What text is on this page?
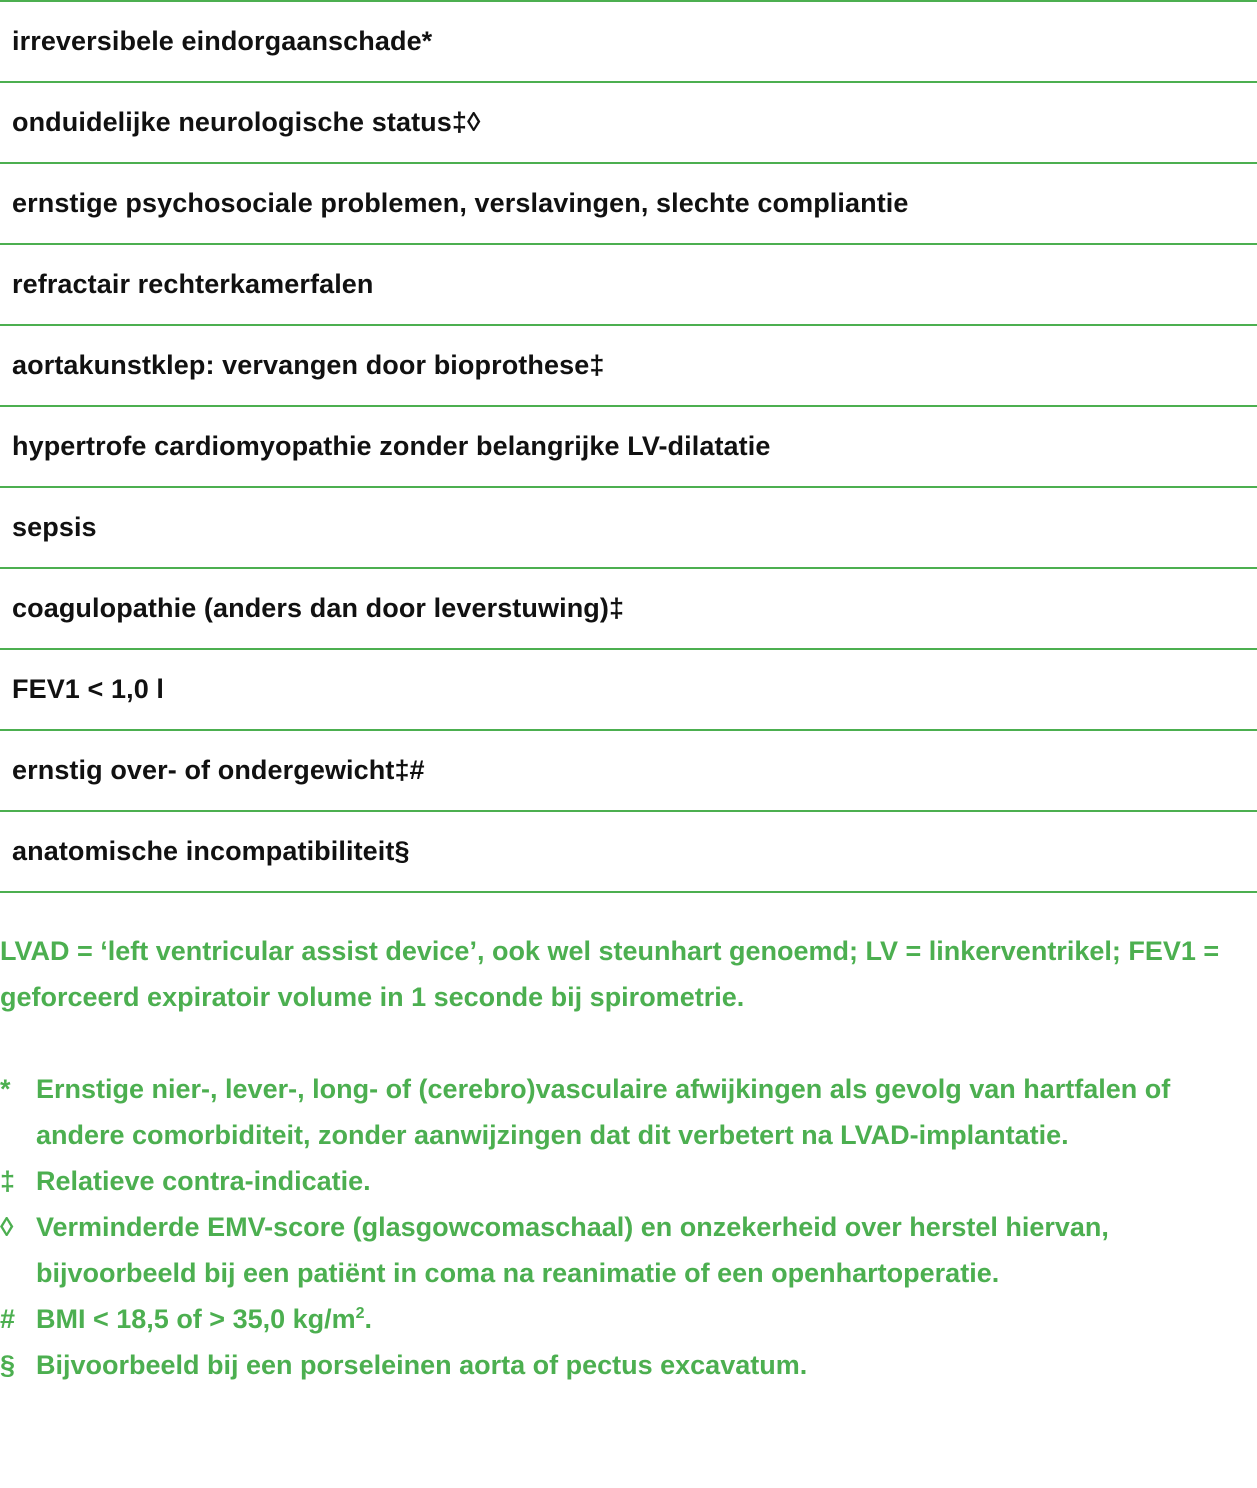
irreversibele eindorgaanschade*
onduidelijke neurologische status‡◊
ernstige psychosociale problemen, verslavingen, slechte compliantie
refractair rechterkamerfalen
aortakunstklep: vervangen door bioprothese‡
hypertrofe cardiomyopathie zonder belangrijke LV-dilatatie
sepsis
coagulopathie (anders dan door leverstuwing)‡
FEV1 < 1,0 l
ernstig over- of ondergewicht‡#
anatomische incompatibiliteit§
LVAD = ‘left ventricular assist device’, ook wel steunhart genoemd; LV = linkerventrikel; FEV1 = geforceerd expiratoir volume in 1 seconde bij spirometrie.
* Ernstige nier-, lever-, long- of (cerebro)vasculaire afwijkingen als gevolg van hartfalen of andere comorbiditeit, zonder aanwijzingen dat dit verbetert na LVAD-implantatie.
‡ Relatieve contra-indicatie.
◊ Verminderde EMV-score (glasgowcomaschaal) en onzekerheid over herstel hiervan, bijvoorbeeld bij een patiënt in coma na reanimatie of een openhartoperatie.
# BMI < 18,5 of > 35,0 $kg/m^2$.
§ Bijvoorbeeld bij een porseleinen aorta of pectus excavatum.
